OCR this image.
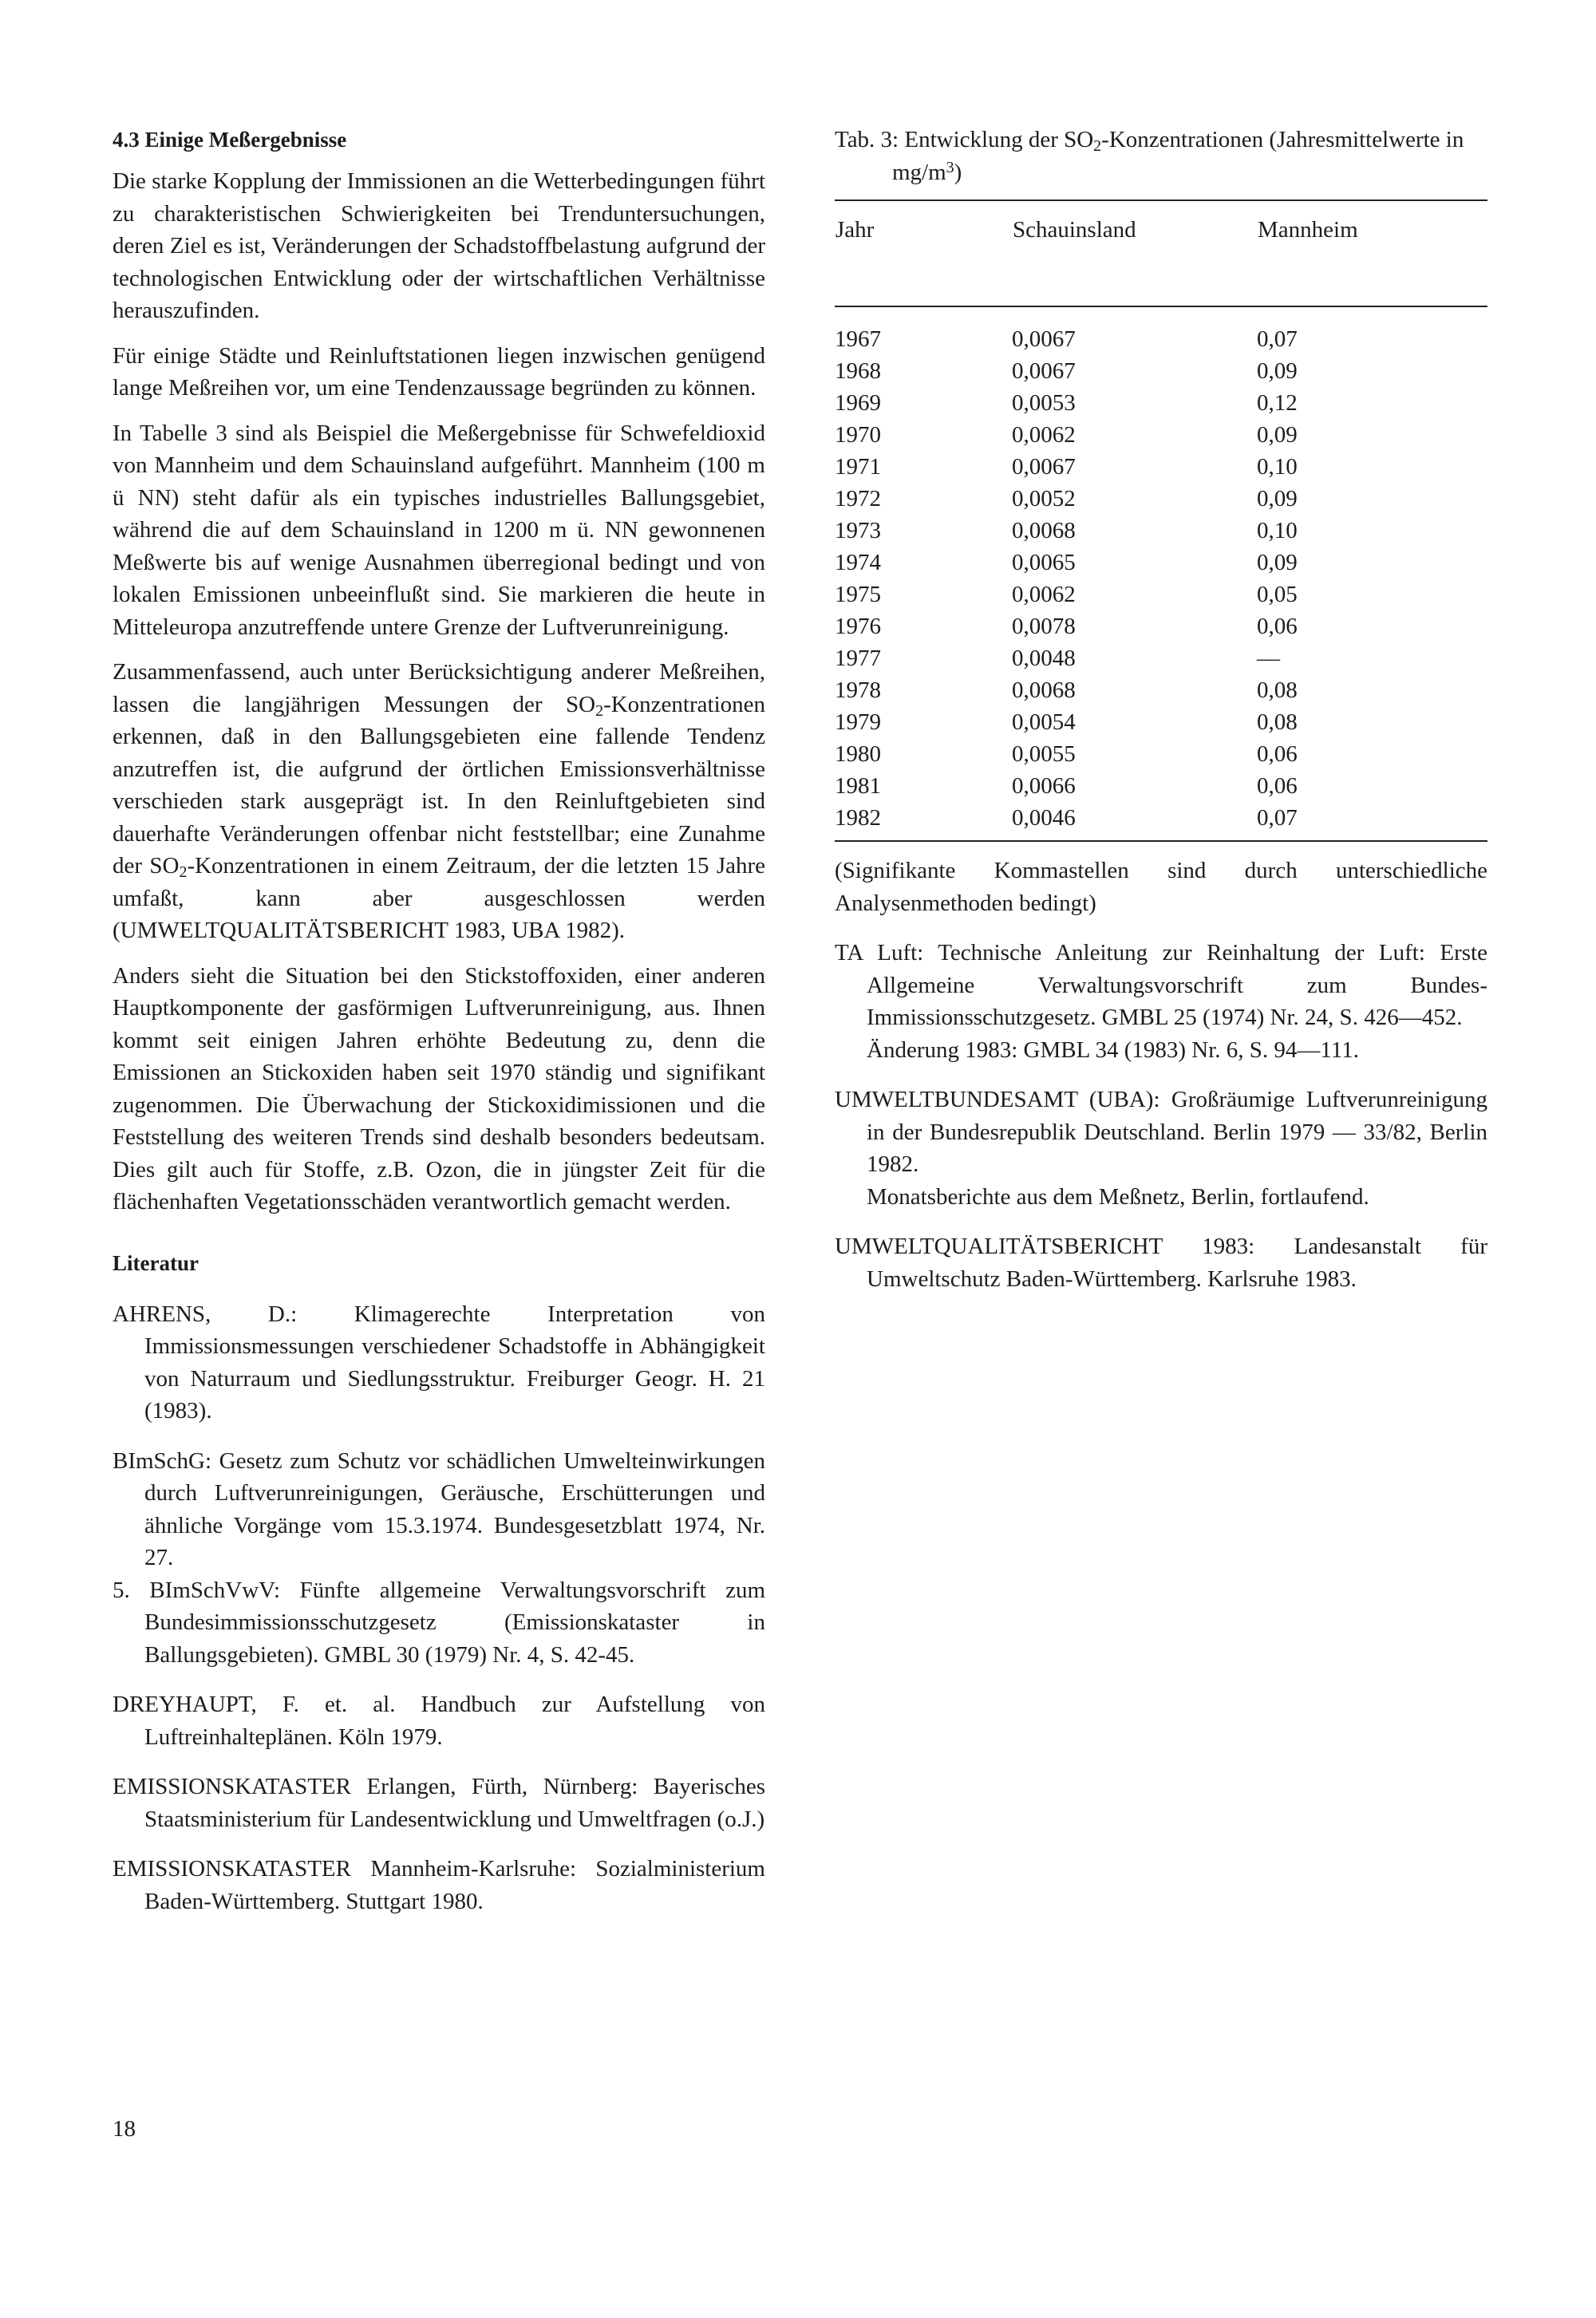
4.3 Einige Meßergebnisse

Die starke Kopplung der Immissionen an die Wetterbedingungen führt zu charakteristischen Schwierigkeiten bei Trenduntersuchungen, deren Ziel es ist, Veränderungen der Schadstoffbelastung aufgrund der technologischen Entwicklung oder der wirtschaftlichen Verhältnisse herauszufinden.

Für einige Städte und Reinluftstationen liegen inzwischen genügend lange Meßreihen vor, um eine Tendenzaussage begründen zu können.

In Tabelle 3 sind als Beispiel die Meßergebnisse für Schwefeldioxid von Mannheim und dem Schauinsland aufgeführt. Mannheim (100 m ü NN) steht dafür als ein typisches industrielles Ballungsgebiet, während die auf dem Schauinsland in 1200 m ü. NN gewonnenen Meßwerte bis auf wenige Ausnahmen überregional bedingt und von lokalen Emissionen unbeeinflußt sind. Sie markieren die heute in Mitteleuropa anzutreffende untere Grenze der Luftverunreinigung.

Zusammenfassend, auch unter Berücksichtigung anderer Meßreihen, lassen die langjährigen Messungen der $SO_2$-Konzentrationen erkennen, daß in den Ballungsgebieten eine fallende Tendenz anzutreffen ist, die aufgrund der örtlichen Emissionsverhältnisse verschieden stark ausgeprägt ist. In den Reinluftgebieten sind dauerhafte Veränderungen offenbar nicht feststellbar; eine Zunahme der $SO_2$-Konzentrationen in einem Zeitraum, der die letzten 15 Jahre umfaßt, kann aber ausgeschlossen werden (UMWELTQUALITÄTSBERICHT 1983, UBA 1982).

Anders sieht die Situation bei den Stickstoffoxiden, einer anderen Hauptkomponente der gasförmigen Luftverunreinigung, aus. Ihnen kommt seit einigen Jahren erhöhte Bedeutung zu, denn die Emissionen an Stickoxiden haben seit 1970 ständig und signifikant zugenommen. Die Überwachung der Stickoxidimissionen und die Feststellung des weiteren Trends sind deshalb besonders bedeutsam. Dies gilt auch für Stoffe, z.B. Ozon, die in jüngster Zeit für die flächenhaften Vegetationsschäden verantwortlich gemacht werden.

Literatur

AHRENS, D.: Klimagerechte Interpretation von Immissionsmessungen verschiedener Schadstoffe in Abhängigkeit von Naturraum und Siedlungsstruktur. Freiburger Geogr. H. 21 (1983).

BImSchG: Gesetz zum Schutz vor schädlichen Umwelteinwirkungen durch Luftverunreinigungen, Geräusche, Erschütterungen und ähnliche Vorgänge vom 15.3.1974. Bundesgesetzblatt 1974, Nr. 27.

5. BImSchVwV: Fünfte allgemeine Verwaltungsvorschrift zum Bundesimmissionsschutzgesetz (Emissionskataster in Ballungsgebieten). GMBL 30 (1979) Nr. 4, S. 42-45.

DREYHAUPT, F. et. al. Handbuch zur Aufstellung von Luftreinhalteplänen. Köln 1979.

EMISSIONSKATASTER Erlangen, Fürth, Nürnberg: Bayerisches Staatsministerium für Landesentwicklung und Umweltfragen (o.J.)

EMISSIONSKATASTER Mannheim-Karlsruhe: Sozialministerium Baden-Württemberg. Stuttgart 1980.

Tab. 3: Entwicklung der $SO_2$-Konzentrationen (Jahresmittelwerte in $mg/m^3$)
Jahr	Schauinsland	Mannheim
1967	0,0067	0,07
1968	0,0067	0,09
1969	0,0053	0,12
1970	0,0062	0,09
1971	0,0067	0,10
1972	0,0052	0,09
1973	0,0068	0,10
1974	0,0065	0,09
1975	0,0062	0,05
1976	0,0078	0,06
1977	0,0048	—
1978	0,0068	0,08
1979	0,0054	0,08
1980	0,0055	0,06
1981	0,0066	0,06
1982	0,0046	0,07

(Signifikante Kommastellen sind durch unterschiedliche Analysenmethoden bedingt)

TA Luft: Technische Anleitung zur Reinhaltung der Luft: Erste Allgemeine Verwaltungsvorschrift zum Bundes-Immissionsschutzgesetz. GMBL 25 (1974) Nr. 24, S. 426—452.

Änderung 1983: GMBL 34 (1983) Nr. 6, S. 94—111.

UMWELTBUNDESAMT (UBA): Großräumige Luftverunreinigung in der Bundesrepublik Deutschland. Berlin 1979 — 33/82, Berlin 1982.

Monatsberichte aus dem Meßnetz, Berlin, fortlaufend.

UMWELTQUALITÄTSBERICHT 1983: Landesanstalt für Umweltschutz Baden-Württemberg. Karlsruhe 1983.

18
